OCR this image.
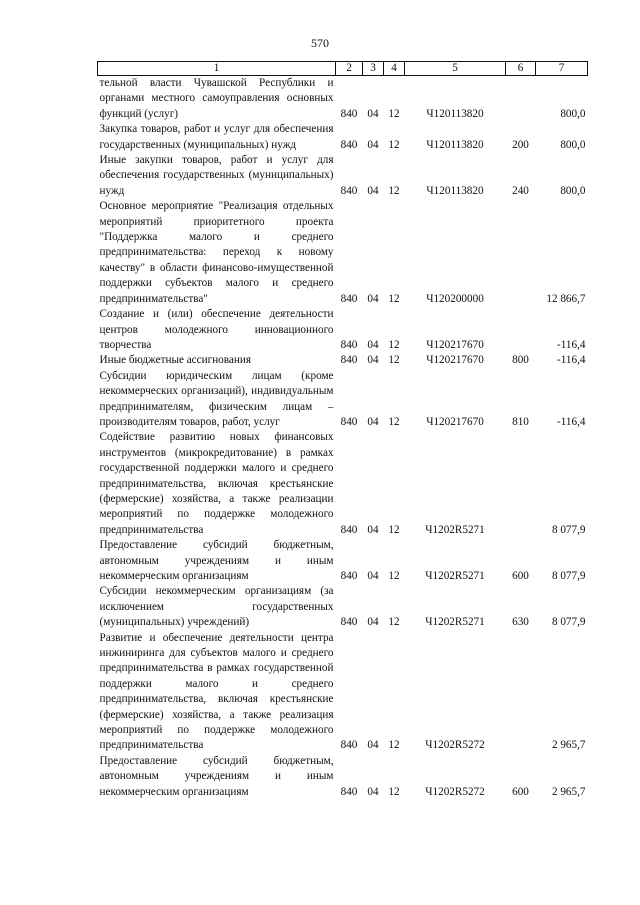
570
1	2	3	4	5	6	7
тельной власти Чувашской Республики и органами местного самоуправления основных функций (услуг)	840	04	12	Ч120113820		800,0
Закупка товаров, работ и услуг для обеспечения государственных (муниципальных) нужд	840	04	12	Ч120113820	200	800,0
Иные закупки товаров, работ и услуг для обеспечения государственных (муниципальных) нужд	840	04	12	Ч120113820	240	800,0
Основное мероприятие "Реализация отдельных мероприятий приоритетного проекта "Поддержка малого и среднего предпринимательства: переход к новому качеству" в области финансово-имущественной поддержки субъектов малого и среднего предпринимательства"	840	04	12	Ч120200000		12 866,7
Создание и (или) обеспечение деятельности центров молодежного инновационного творчества	840	04	12	Ч120217670		-116,4
Иные бюджетные ассигнования	840	04	12	Ч120217670	800	-116,4
Субсидии юридическим лицам (кроме некоммерческих организаций), индивидуальным предпринимателям, физическим лицам – производителям товаров, работ, услуг	840	04	12	Ч120217670	810	-116,4
Содействие развитию новых финансовых инструментов (микрокредитование) в рамках государственной поддержки малого и среднего предпринимательства, включая крестьянские (фермерские) хозяйства, а также реализации мероприятий по поддержке молодежного предпринимательства	840	04	12	Ч1202R5271		8 077,9
Предоставление субсидий бюджетным, автономным учреждениям и иным некоммерческим организациям	840	04	12	Ч1202R5271	600	8 077,9
Субсидии некоммерческим организациям (за исключением государственных (муниципальных) учреждений)	840	04	12	Ч1202R5271	630	8 077,9
Развитие и обеспечение деятельности центра инжиниринга для субъектов малого и среднего предпринимательства в рамках государственной поддержки малого и среднего предпринимательства, включая крестьянские (фермерские) хозяйства, а также реализация мероприятий по поддержке молодежного предпринимательства	840	04	12	Ч1202R5272		2 965,7
Предоставление субсидий бюджетным, автономным учреждениям и иным некоммерческим организациям	840	04	12	Ч1202R5272	600	2 965,7
